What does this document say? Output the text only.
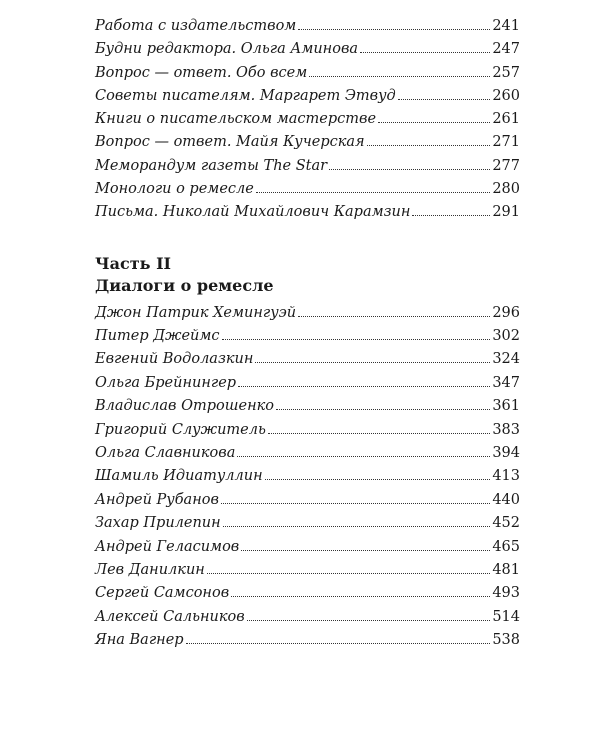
Работа с издательством	241
Будни редактора. Ольга Аминова	247
Вопрос — ответ. Обо всем	257
Советы писателям. Маргарет Этвуд	260
Книги о писательском мастерстве	261
Вопрос — ответ. Майя Кучерская	271
Меморандум газеты The Star	277
Монологи о ремесле	280
Письма. Николай Михайлович Карамзин	291
Часть II
Диалоги о ремесле
Джон Патрик Хемингуэй	296
Питер Джеймс	302
Евгений Водолазкин	324
Ольга Брейнингер	347
Владислав Отрошенко	361
Григорий Служитель	383
Ольга Славникова	394
Шамиль Идиатуллин	413
Андрей Рубанов	440
Захар Прилепин	452
Андрей Геласимов	465
Лев Данилкин	481
Сергей Самсонов	493
Алексей Сальников	514
Яна Вагнер	538
